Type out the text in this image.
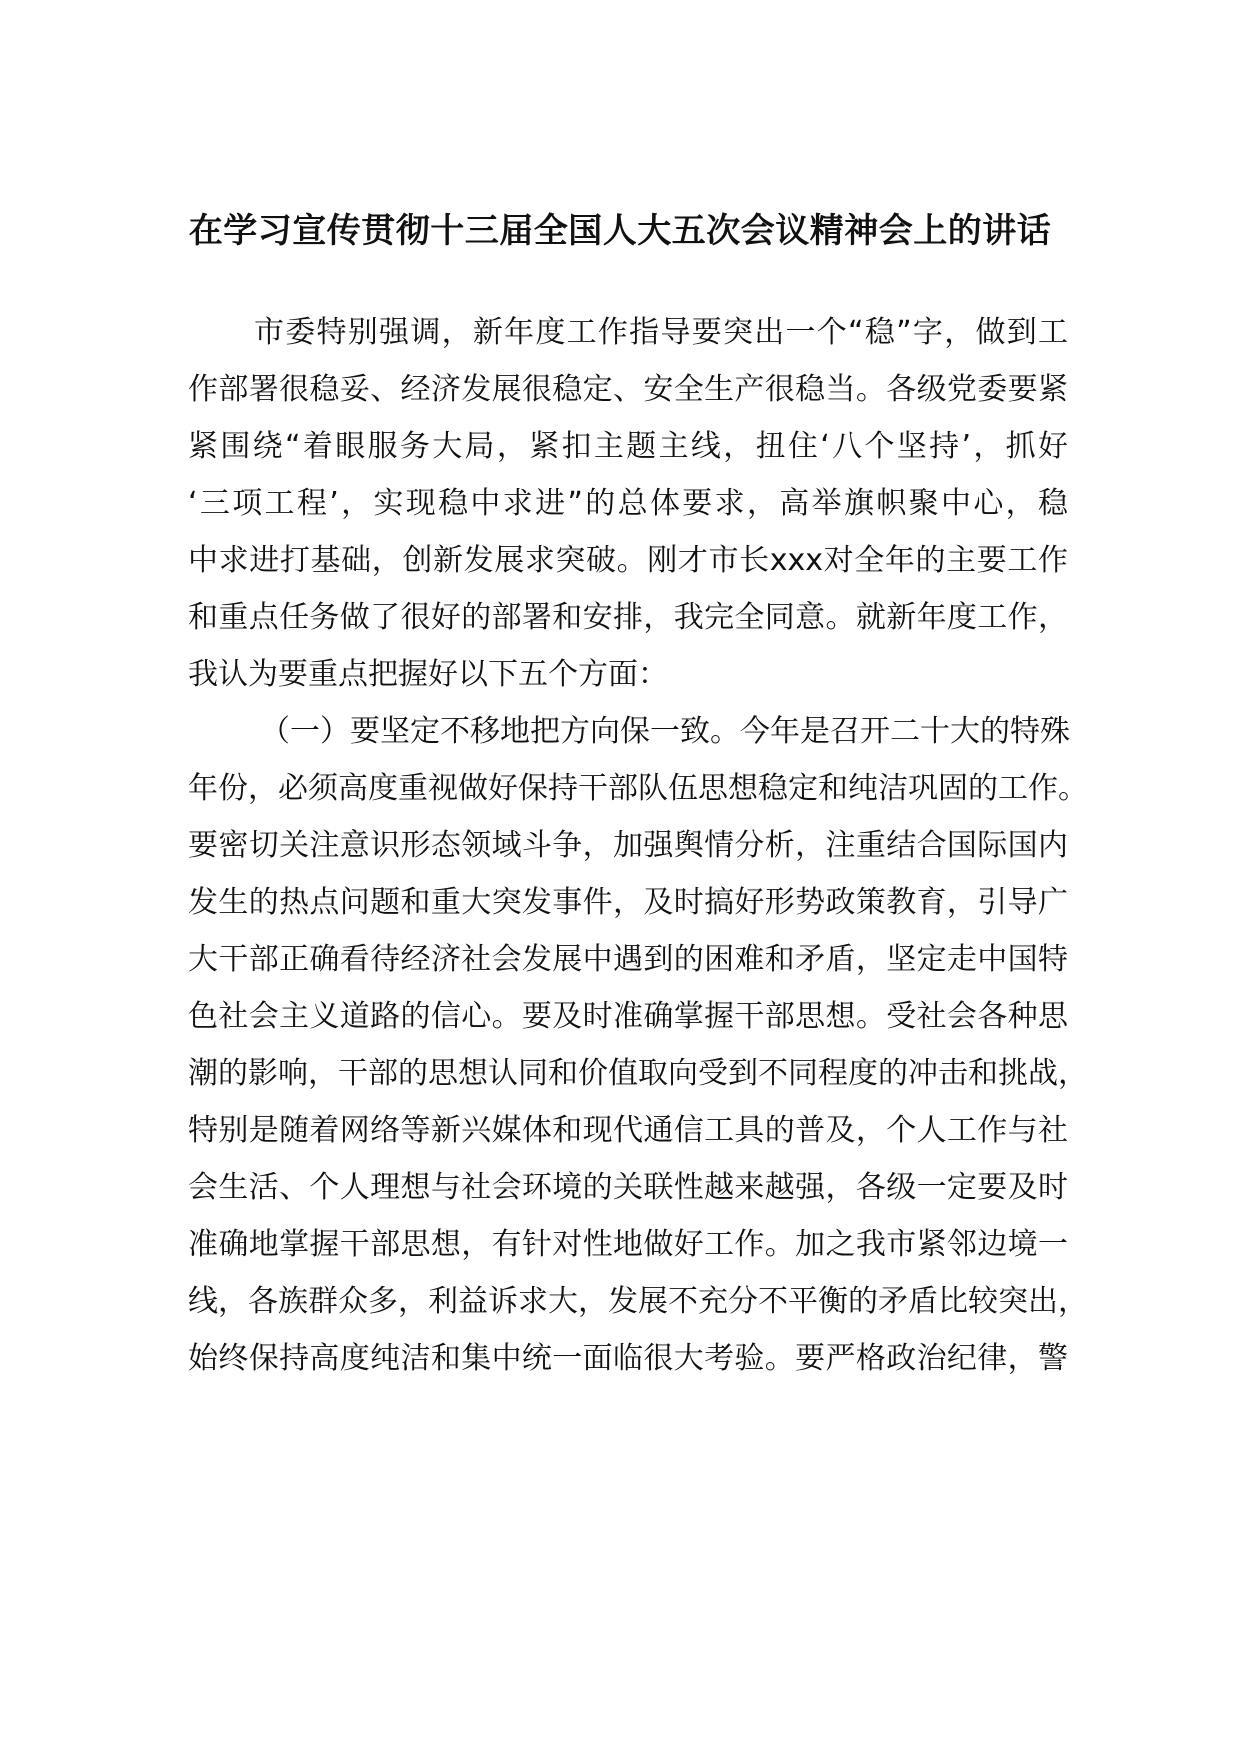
在学习宣传贯彻十三届全国人大五次会议精神会上的讲话
市委特别强调，新年度工作指导要突出一个“稳”字，做到工
作部署很稳妥、经济发展很稳定、安全生产很稳当。各级党委要紧
紧围绕“着眼服务大局，紧扣主题主线，扭住‘八个坚持’，抓好
‘三项工程’，实现稳中求进”的总体要求，高举旗帜聚中心，稳
中求进打基础，创新发展求突破。刚才市长xxx对全年的主要工作
和重点任务做了很好的部署和安排，我完全同意。就新年度工作，
我认为要重点把握好以下五个方面：
（一）要坚定不移地把方向保一致。今年是召开二十大的特殊
年份，必须高度重视做好保持干部队伍思想稳定和纯洁巩固的工作。
要密切关注意识形态领域斗争，加强舆情分析，注重结合国际国内
发生的热点问题和重大突发事件，及时搞好形势政策教育，引导广
大干部正确看待经济社会发展中遇到的困难和矛盾，坚定走中国特
色社会主义道路的信心。要及时准确掌握干部思想。受社会各种思
潮的影响，干部的思想认同和价值取向受到不同程度的冲击和挑战，
特别是随着网络等新兴媒体和现代通信工具的普及，个人工作与社
会生活、个人理想与社会环境的关联性越来越强，各级一定要及时
准确地掌握干部思想，有针对性地做好工作。加之我市紧邻边境一
线，各族群众多，利益诉求大，发展不充分不平衡的矛盾比较突出，
始终保持高度纯洁和集中统一面临很大考验。要严格政治纪律，警
